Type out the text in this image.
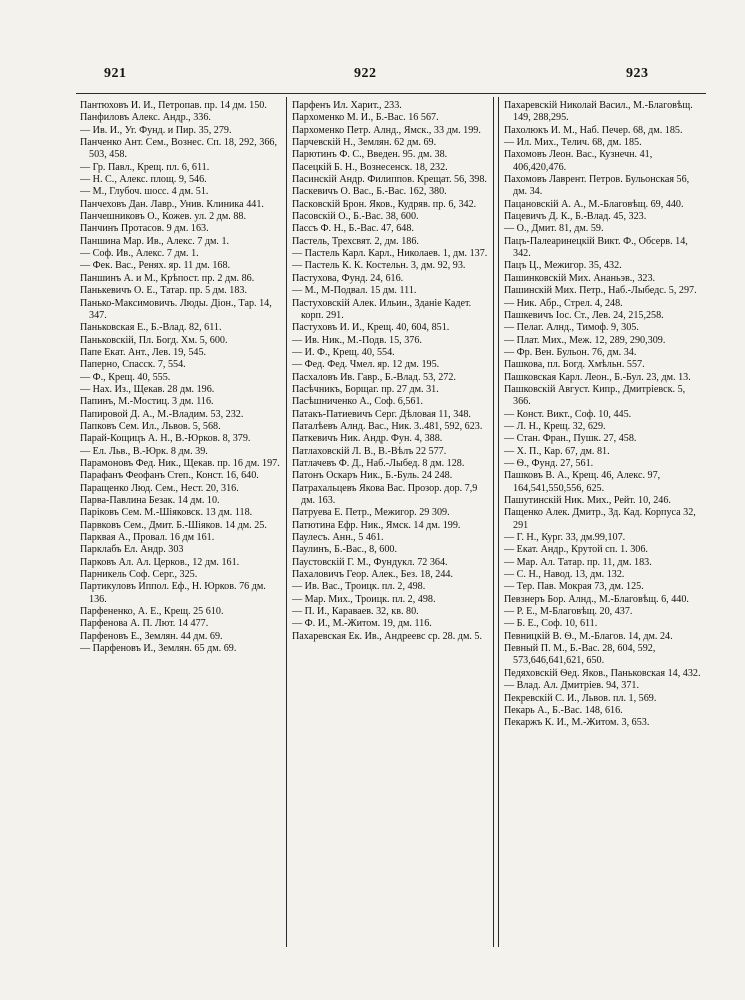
921	922	923
Пантюховъ И. И., Петропав. пр. 14 дм. 150.
Панфиловъ Алекс. Андр., 336.
— Ив. И., Уг. Фунд. и Пир. 35, 279.
Панченко Ант. Сем., Вознес. Сп. 18, 292, 366, 503, 458.
— Гр. Павл., Крещ. пл. 6, 611.
— Н. С., Алекс. площ. 9, 546.
— М., Глубоч. шосс. 4 дм. 51.
Панчеховъ Дан. Лавр., Унив. Клиника 441.
Панчешниковъ О., Кожев. ул. 2 дм. 88.
Панчинъ Протасов. 9 дм. 163.
Паншина Мар. Ив., Алекс. 7 дм. 1.
— Соф. Ив., Алекс. 7 дм. 1.
— Фек. Вас., Ренях. яр. 11 дм. 168.
Паншинъ А. и М., Крѣпост. пр. 2 дм. 86.
Панькевичъ О. Е., Татар. пр. 5 дм. 183.
Панько-Максимовичъ. Люды. Діон., Тар. 14, 347.
Паньковская Е., Б.-Влад. 82, 611.
Паньковскій, Пл. Богд. Хм. 5, 600.
Папе Екат. Ант., Лев. 19, 545.
Паперно, Спасск. 7, 554.
— Ф., Крещ. 40, 555.
— Нах. Из., Щекав. 28 дм. 196.
Папинъ, М.-Мостиц. 3 дм. 116.
Папировой Д. А., М.-Владим. 53, 232.
Папковъ Сем. Ил., Львов. 5, 568.
Парай-Кощицъ А. Н., В.-Юрков. 8, 379.
— Ел. Льв., В.-Юрк. 8 дм. 39.
Парамоновъ Фед. Ник., Щекав. пр. 16 дм. 197.
Парафанъ Феофанъ Степ., Конст. 16, 640.
Паращенко Люд. Сем., Нест. 20, 316.
Парва-Павлина Безак. 14 дм. 10.
Паріковъ Сем. М.-Шіяковск. 13 дм. 118.
Парвковъ Сем., Дмит. Б.-Шіяков. 14 дм. 25.
Парквая А., Провал. 16 дм 161.
Парклабъ Ел. Андр. 303
Парковъ Ал. Ал. Церков., 12 дм. 161.
Парникель Соф. Серг., 325.
Партикуловъ Иппол. Еф., Н. Юрков. 76 дм. 136.
Парфененко, А. Е., Крещ. 25 610.
Парфенова А. П. Лют. 14 477.
Парфеновъ Е., Землян. 44 дм. 69.
— Парфеновъ И., Землян. 65 дм. 69.
Парфенъ Ил. Харит., 233.
Пархоменко М. И., Б.-Вас. 16 567.
Пархоменко Петр. Алнд., Ямск., 33 дм. 199.
Парчевскій Н., Землян. 62 дм. 69.
Парютинъ Ф. С., Введен. 95. дм. 38.
Пасецкій Б. Н., Вознесенск. 18, 232.
Пасинскій Андр. Филиппов. Крещат. 56, 398.
Паскевичъ О. Вас., Б.-Вас. 162, 380.
Пасковскій Брон. Яков., Кудряв. пр. 6, 342.
Пасовскій О., Б.-Вас. 38, 600.
Пассъ Ф. Н., Б.-Вас. 47, 648.
Пастель, Трехсвят. 2, дм. 186.
— Пастель Карл. Карл., Николаев. 1, дм. 137.
— Пастель К. К. Костельн. 3, дм. 92, 93.
Пастухова, Фунд. 24, 616.
— М., М-Подвал. 15 дм. 111.
Пастуховскій Алек. Ильин., Зданіе Кадет. корп. 291.
Пастуховъ И. И., Крещ. 40, 604, 851.
— Ив. Ник., М.-Подв. 15, 376.
— И. Ф., Крещ. 40, 554.
— Фед. Фед. Чмел. яр. 12 дм. 195.
Пасхаловъ Ив. Гавр., Б.-Влад. 53, 272.
Пасѣчникъ, Борщаг. пр. 27 дм. 31.
Пасѣшниченко А., Соф. 6,561.
Патакъ-Патиевичъ Серг. Дѣловая 11, 348.
Паталѣевъ Алнд. Вас., Ник. 3..481, 592, 623.
Паткевичъ Ник. Андр. Фун. 4, 388.
Патлаховскій Л. В., В.-Вѣлъ 22 577.
Патлачевъ Ф. Д., Наб.-Лыбед. 8 дм. 128.
Патонъ Оскаръ Ник., Б.-Буль. 24 248.
Патрахальцевъ Якова Вас. Прозор. дор. 7,9 дм. 163.
Патруева Е. Петр., Межигор. 29 309.
Патютина Ефр. Ник., Ямск. 14 дм. 199.
Паулесъ. Анн., 5 461.
Паулинъ, Б.-Вас., 8, 600.
Паустовскій Г. М., Фундукл. 72 364.
Пахаловичъ Геор. Алек., Без. 18, 244.
— Ив. Вас., Троицк. пл. 2, 498.
— Мар. Мих., Троицк. пл. 2, 498.
— П. И., Караваев. 32, кв. 80.
— Ф. И., М.-Житом. 19, дм. 116.
Пахаревская Ек. Ив., Андреевс ср. 28. дм. 5.
Пахаревскій Николай Васил., М.-Благовѣщ. 149, 288,295.
Пахолюкъ И. М., Наб. Печер. 68, дм. 185.
— Ил. Мих., Телич. 68, дм. 185.
Пахомовъ Леон. Вас., Кузнечн. 41, 406,420,476.
Пахомовъ Лаврент. Петров. Бульонская 56, дм. 34.
Пацановскій А. А., М.-Благовѣщ. 69, 440.
Пацевичъ Д. К., Б.-Влад. 45, 323.
— О., Дмит. 81, дм. 59.
Пацъ-Палеаринецкій Викт. Ф., Обсерв. 14, 342.
Пацъ Ц., Межигор. 35, 432.
Пашинковскій Мих. Ананьэв., 323.
Пашинскій Мих. Петр., Наб.-Лыбедс. 5, 297.
— Ник. Абр., Стрел. 4, 248.
Пашкевичъ Іос. Ст., Лев. 24, 215,258.
— Пелаг. Алнд., Тимоф. 9, 305.
— Плат. Мих., Меж. 12, 289, 290,309.
— Фр. Вен. Бульон. 76, дм. 34.
Пашкова, пл. Богд. Хмѣльн. 557.
Пашковская Карл. Леон., Б.-Бул. 23, дм. 13.
Пашковскій Август. Кипр., Дмитріевск. 5, 366.
— Конст. Викт., Соф. 10, 445.
— Л. Н., Крещ. 32, 629.
— Стан. Фран., Пушк. 27, 458.
— Х. П., Кар. 67, дм. 81.
— Ѳ., Фунд. 27, 561.
Пашковъ В. А., Крещ. 46, Алекс. 97, 164,541,550,556, 625.
Пашутинскій Ник. Мих., Рейт. 10, 246.
Пащенко Алек. Дмитр., Зд. Кад. Корпуса 32, 291
— Г. Н., Кург. 33, дм.99,107.
— Екат. Андр., Крутой сп. 1. 306.
— Мар. Ал. Татар. пр. 11, дм. 183.
— С. Н., Навод. 13, дм. 132.
— Тер. Пав. Мокрая 73, дм. 125.
Певзнеръ Бор. Алнд., М.-Благовѣщ. 6, 440.
— Р. Е., М-Благовѣщ. 20, 437.
— Б. Е., Соф. 10, 611.
Певницкій В. Ѳ., М.-Благов. 14, дм. 24.
Певный П. М., Б.-Вас. 28, 604, 592, 573,646,641,621, 650.
Педяховскій Ѳед. Яков., Паньковская 14, 432.
— Влад. Ал. Дмитріев. 94, 371.
Пекревскій С. И., Львов. пл. 1, 569.
Пекарь А., Б.-Вас. 148, 616.
Пекаржъ К. И., М.-Житом. 3, 653.
